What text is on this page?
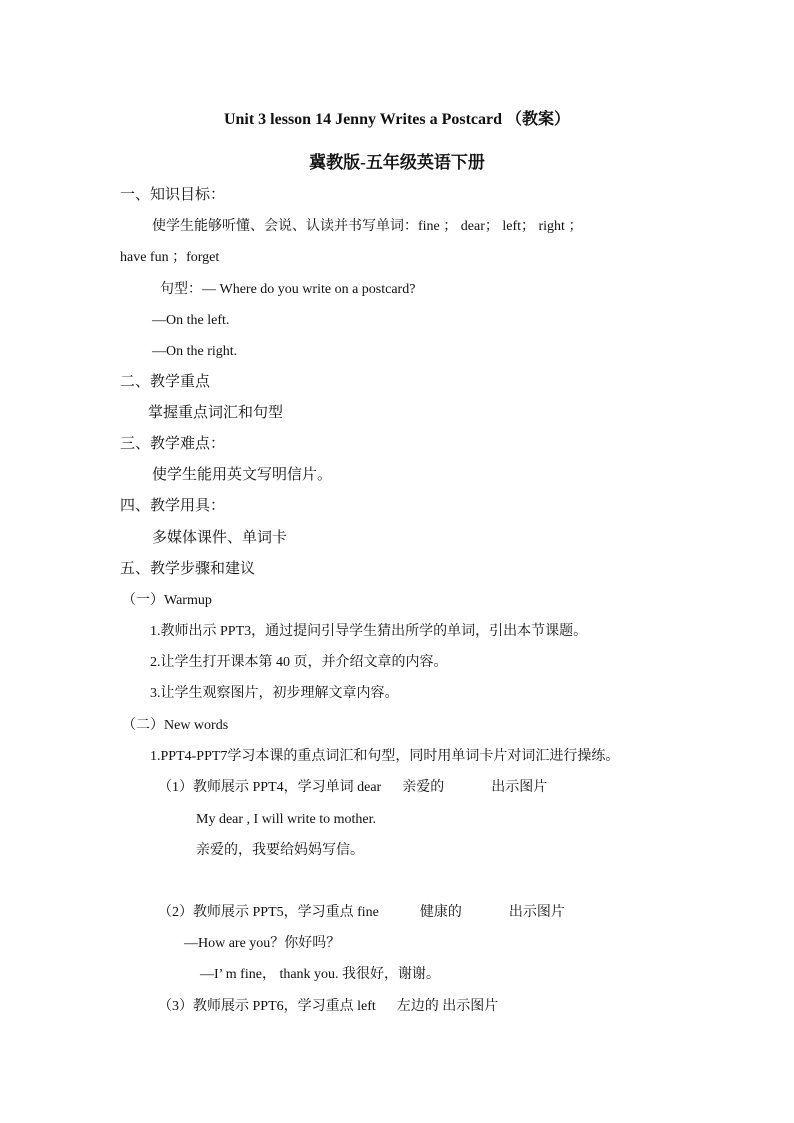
Unit 3 lesson 14 Jenny Writes a Postcard （教案）
冀教版-五年级英语下册
一、知识目标：
使学生能够听懂、会说、认读并书写单词：fine ； dear； left； right ；
have fun ；forget
句型：— Where do you write on a postcard?
—On the left.
—On the right.
二、教学重点
掌握重点词汇和句型
三、教学难点：
使学生能用英文写明信片。
四、教学用具：
多媒体课件、单词卡
五、教学步骤和建议
（一）Warmup
1.教师出示 PPT3，通过提问引导学生猜出所学的单词，引出本节课题。
2.让学生打开课本第 40 页，并介绍文章的内容。
3.让学生观察图片，初步理解文章内容。
（二）New words
1.PPT4-PPT7学习本课的重点词汇和句型，同时用单词卡片对词汇进行操练。
（1）教师展示 PPT4，学习单词 dear 亲爱的	出示图片
My dear , I will write to mother.
亲爱的，我要给妈妈写信。
（2）教师展示 PPT5，学习重点 fine	健康的	出示图片
—How are you？你好吗？
—I’ m fine， thank you. 我很好，谢谢。
（3）教师展示 PPT6，学习重点 left 左边的 出示图片
